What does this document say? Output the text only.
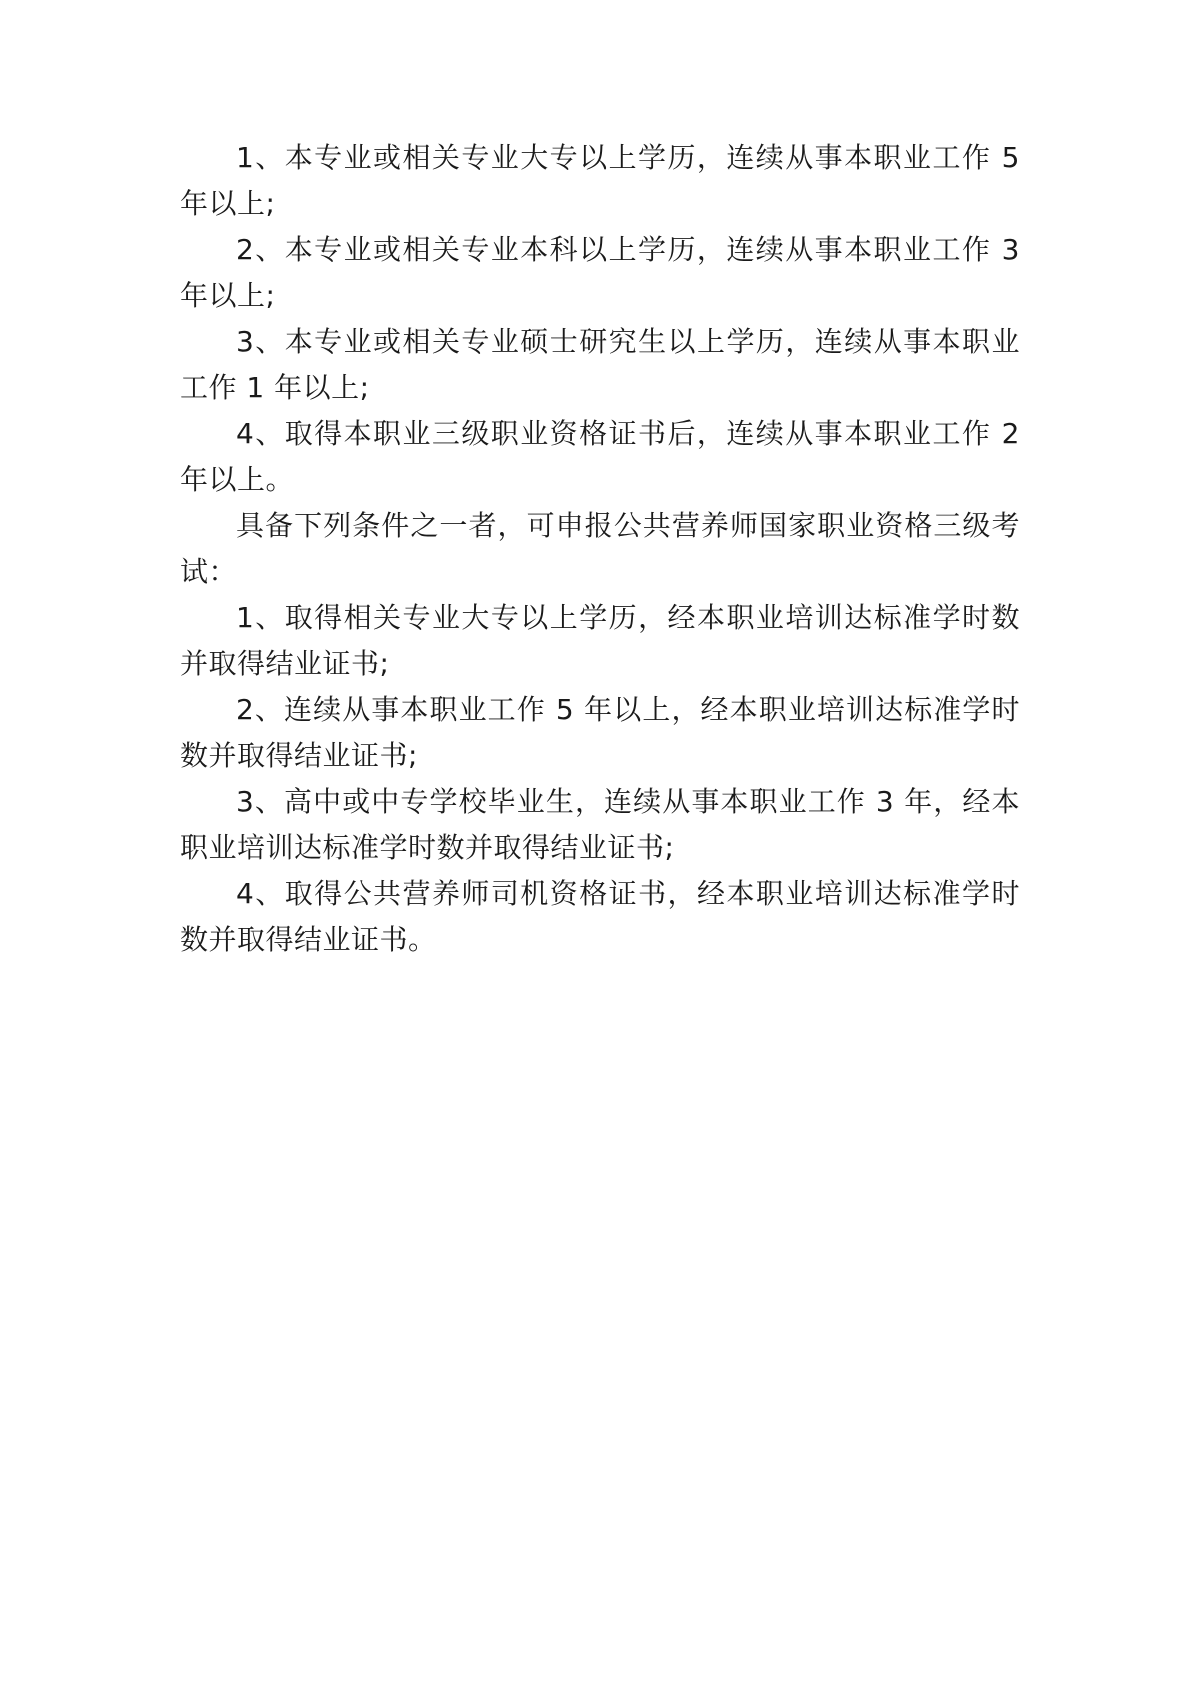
1、本专业或相关专业大专以上学历，连续从事本职业工作 5 年以上;

2、本专业或相关专业本科以上学历，连续从事本职业工作 3 年以上;

3、本专业或相关专业硕士研究生以上学历，连续从事本职业工作 1 年以上;

4、取得本职业三级职业资格证书后，连续从事本职业工作 2 年以上。

具备下列条件之一者，可申报公共营养师国家职业资格三级考试：

1、取得相关专业大专以上学历，经本职业培训达标准学时数并取得结业证书;

2、连续从事本职业工作 5 年以上，经本职业培训达标准学时数并取得结业证书;

3、高中或中专学校毕业生，连续从事本职业工作 3 年，经本职业培训达标准学时数并取得结业证书;

4、取得公共营养师司机资格证书，经本职业培训达标准学时数并取得结业证书。
